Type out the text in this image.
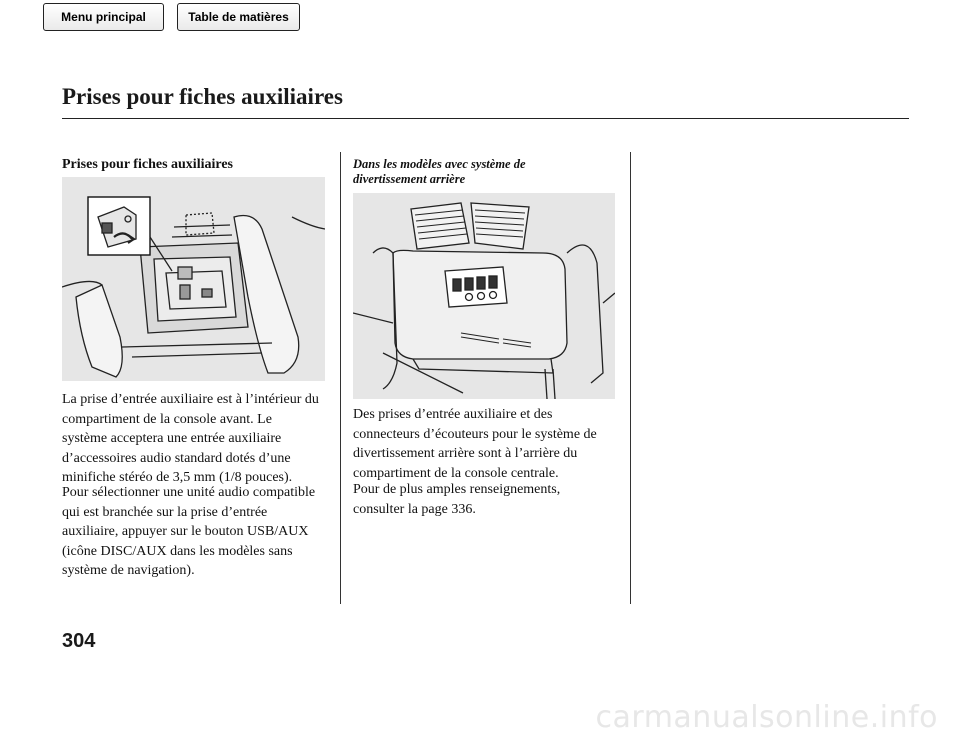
Menu principal	Table de matières
Prises pour fiches auxiliaires
Prises pour fiches auxiliaires
La prise d’entrée auxiliaire est à l’intérieur du
compartiment de la console avant. Le
système acceptera une entrée auxiliaire
d’accessoires audio standard dotés d’une
minifiche stéréo de 3,5 mm (1/8 pouces).
Pour sélectionner une unité audio compatible
qui est branchée sur la prise d’entrée
auxiliaire, appuyer sur le bouton USB/AUX
(icône DISC/AUX dans les modèles sans
système de navigation).
Dans les modèles avec système de
divertissement arrière
Des prises d’entrée auxiliaire et des
connecteurs d’écouteurs pour le système de
divertissement arrière sont à l’arrière du
compartiment de la console centrale.
Pour de plus amples renseignements,
consulter la page 336.
304
carmanualsonline.info
